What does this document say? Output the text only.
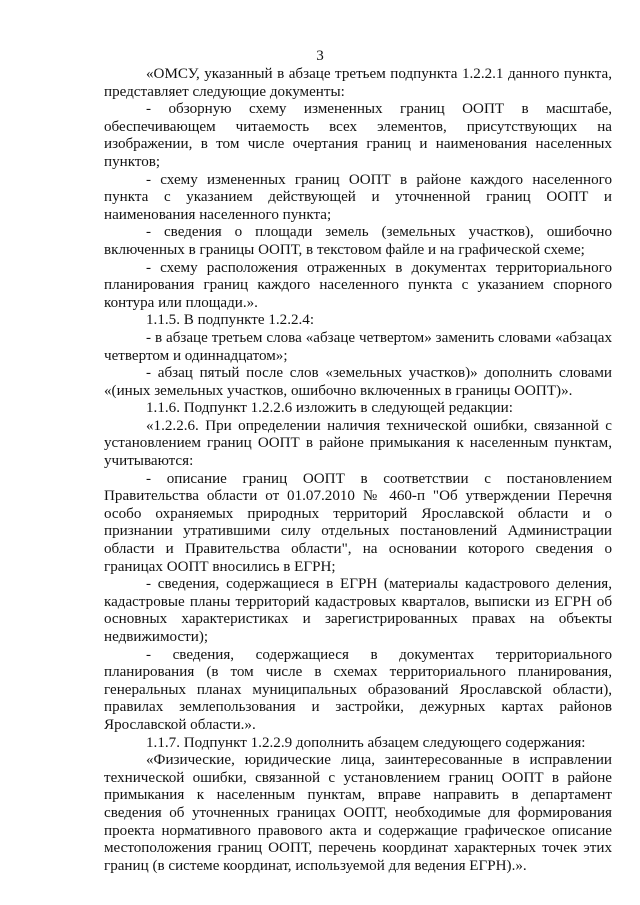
3

«ОМСУ, указанный в абзаце третьем подпункта 1.2.2.1 данного пункта, представляет следующие документы:

- обзорную схему измененных границ ООПТ в масштабе, обеспечивающем читаемость всех элементов, присутствующих на изображении, в том числе очертания границ и наименования населенных пунктов;

- схему измененных границ ООПТ в районе каждого населенного пункта с указанием действующей и уточненной границ ООПТ и наименования населенного пункта;

- сведения о площади земель (земельных участков), ошибочно включенных в границы ООПТ, в текстовом файле и на графической схеме;

- схему расположения отраженных в документах территориального планирования границ каждого населенного пункта с указанием спорного контура или площади.».

1.1.5. В подпункте 1.2.2.4:

- в абзаце третьем слова «абзаце четвертом» заменить словами «абзацах четвертом и одиннадцатом»;

- абзац пятый после слов «земельных участков)» дополнить словами «(иных земельных участков, ошибочно включенных в границы ООПТ)».

1.1.6. Подпункт 1.2.2.6 изложить в следующей редакции:

«1.2.2.6. При определении наличия технической ошибки, связанной с установлением границ ООПТ в районе примыкания к населенным пунктам, учитываются:

- описание границ ООПТ в соответствии с постановлением Правительства области от 01.07.2010 № 460-п "Об утверждении Перечня особо охраняемых природных территорий Ярославской области и о признании утратившими силу отдельных постановлений Администрации области и Правительства области", на основании которого сведения о границах ООПТ вносились в ЕГРН;

- сведения, содержащиеся в ЕГРН (материалы кадастрового деления, кадастровые планы территорий кадастровых кварталов, выписки из ЕГРН об основных характеристиках и зарегистрированных правах на объекты недвижимости);

- сведения, содержащиеся в документах территориального планирования (в том числе в схемах территориального планирования, генеральных планах муниципальных образований Ярославской области), правилах землепользования и застройки, дежурных картах районов Ярославской области.».

1.1.7. Подпункт 1.2.2.9 дополнить абзацем следующего содержания:

«Физические, юридические лица, заинтересованные в исправлении технической ошибки, связанной с установлением границ ООПТ в районе примыкания к населенным пунктам, вправе направить в департамент сведения об уточненных границах ООПТ, необходимые для формирования проекта нормативного правового акта и содержащие графическое описание местоположения границ ООПТ, перечень координат характерных точек этих границ (в системе координат, используемой для ведения ЕГРН).».
